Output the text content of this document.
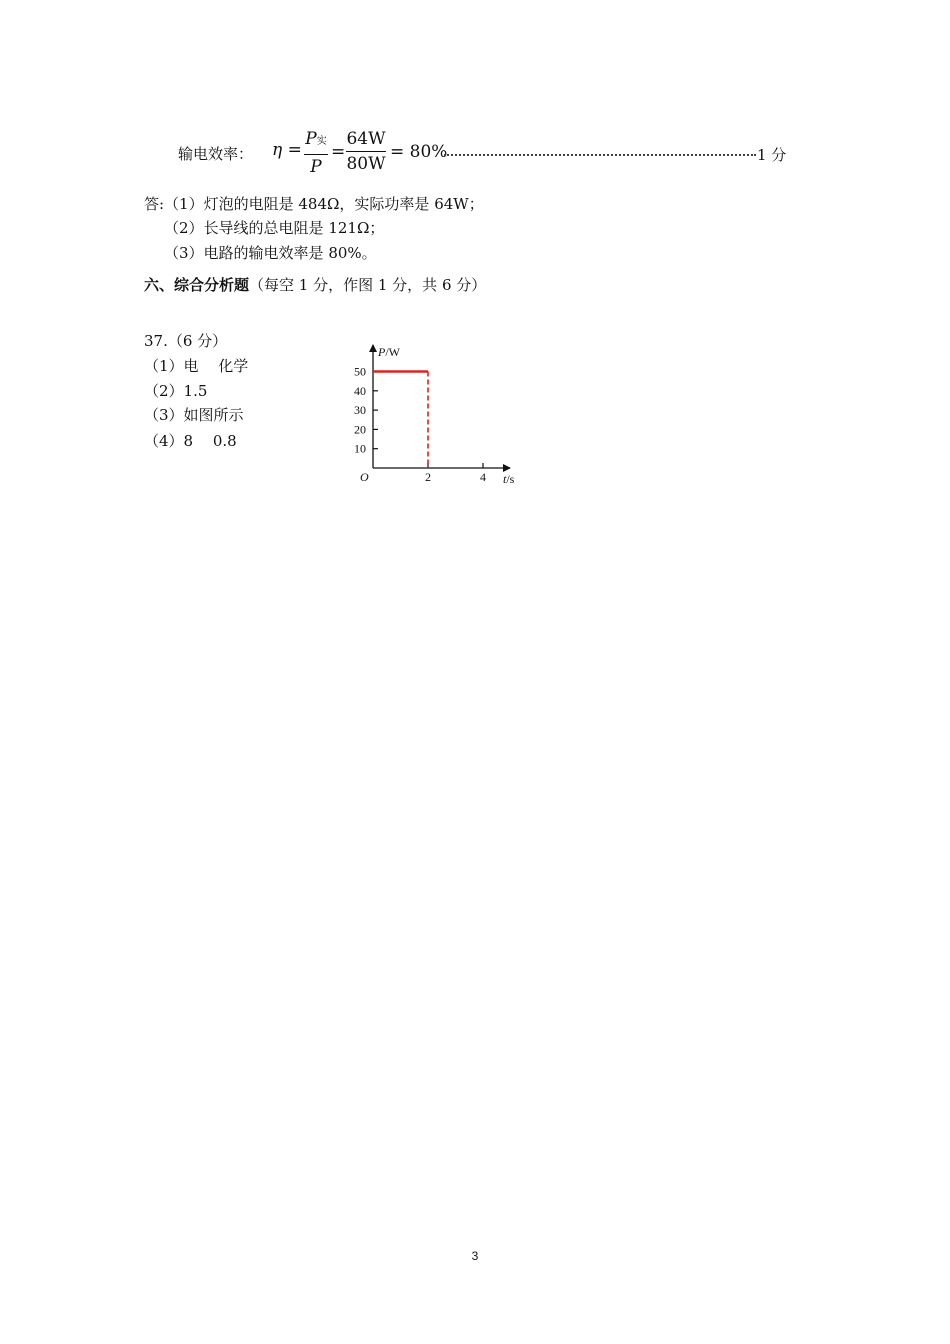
输电效率： η =
P实
P
=
64W
80W
= 80%	1 分
答:（1）灯泡的电阻是 484Ω，实际功率是 64W；
（2）长导线的总电阻是 121Ω；
（3）电路的输电效率是 80%。
六、综合分析题（每空 1 分，作图 1 分，共 6 分）
37.（6 分）
（1）电　 化学
（2）1.5
（3）如图所示
（4）8　 0.8	10
20
30
40
50
2	4
P/W
t/s
O
3
